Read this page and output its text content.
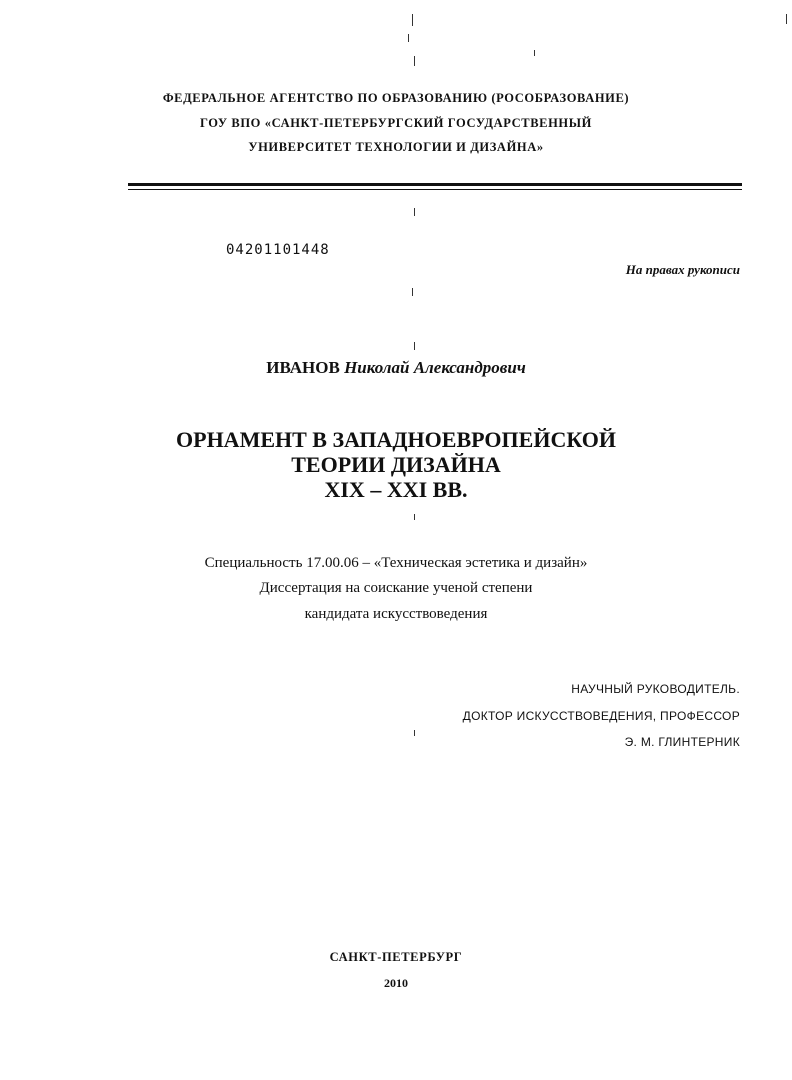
ФЕДЕРАЛЬНОЕ АГЕНТСТВО ПО ОБРАЗОВАНИЮ (РОСОБРАЗОВАНИЕ)
ГОУ ВПО «САНКТ-ПЕТЕРБУРГСКИЙ ГОСУДАРСТВЕННЫЙ
УНИВЕРСИТЕТ ТЕХНОЛОГИИ И ДИЗАЙНА»
04201101448
На правах рукописи
ИВАНОВ Николай Александрович
ОРНАМЕНТ В ЗАПАДНОЕВРОПЕЙСКОЙ
ТЕОРИИ ДИЗАЙНА
XIX – XXI ВВ.
Специальность 17.00.06 – «Техническая эстетика и дизайн»
Диссертация на соискание ученой степени
кандидата искусствоведения
НАУЧНЫЙ РУКОВОДИТЕЛЬ.
ДОКТОР ИСКУССТВОВЕДЕНИЯ, ПРОФЕССОР
Э. М. ГЛИНТЕРНИК
САНКТ-ПЕТЕРБУРГ
2010
